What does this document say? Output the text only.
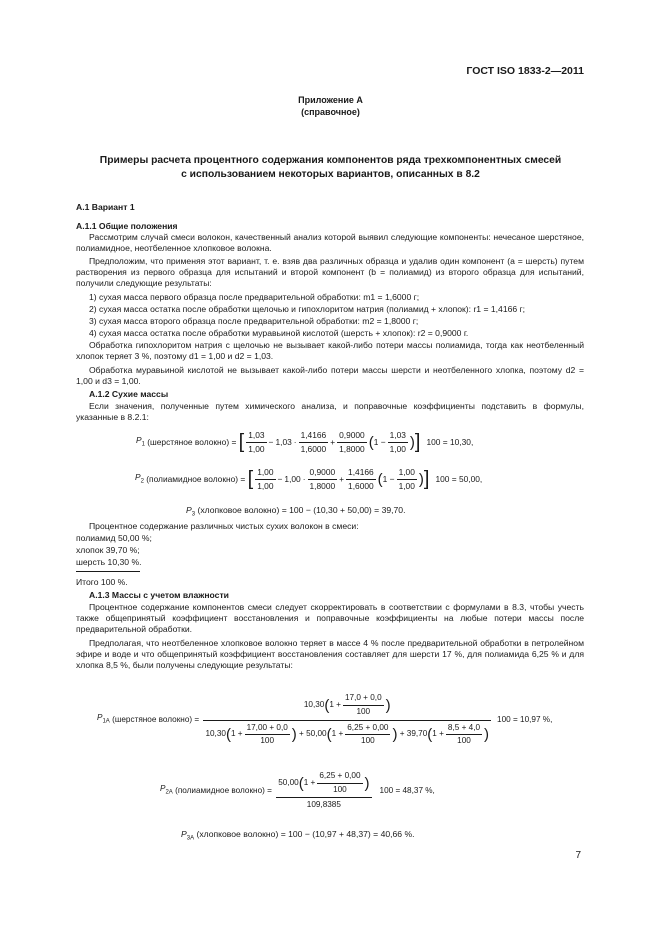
ГОСТ ISO 1833-2—2011
Приложение А
(справочное)
Примеры расчета процентного содержания компонентов ряда трехкомпонентных смесей
с использованием некоторых вариантов, описанных в 8.2
А.1 Вариант 1
А.1.1 Общие положения
Рассмотрим случай смеси волокон, качественный анализ которой выявил следующие компоненты: нечесаное шерстяное, полиамидное, неотбеленное хлопковое волокна.
Предположим, что применяя этот вариант, т. е. взяв два различных образца и удалив один компонент (a = шерсть) путем растворения из первого образца для испытаний и второй компонент (b = полиамид) из второго образца для испытаний, получили следующие результаты:
1) сухая масса первого образца после предварительной обработки: m1 = 1,6000 г;
2) сухая масса остатка после обработки щелочью и гипохлоритом натрия (полиамид + хлопок): r1 = 1,4166 г;
3) сухая масса второго образца после предварительной обработки: m2 = 1,8000 г;
4) сухая масса остатка после обработки муравьиной кислотой (шерсть + хлопок): r2 = 0,9000 г.
Обработка гипохлоритом натрия с щелочью не вызывает какой-либо потери массы полиамида, тогда как неотбеленный хлопок теряет 3 %, поэтому d1 = 1,00 и d2 = 1,03.
Обработка муравьиной кислотой не вызывает какой-либо потери массы шерсти и неотбеленного хлопка, поэтому d2 = 1,00 и d3 = 1,00.
А.1.2 Сухие массы
Если значения, полученные путем химического анализа, и поправочные коэффициенты подставить в формулы, указанные в 8.2.1:
$P_1$ (шерстяное волокно) = [ $\frac{1,03}{1,00} - 1,03 \cdot \frac{1,4166}{1,6000} + \frac{0,9000}{1,8000}$ ( $1 - \frac{1,03}{1,00}$ ) ] 100 = 10,30,
$P_2$ (полиамидное волокно) = [ $\frac{1,00}{1,00} - 1,00 \cdot \frac{0,9000}{1,8000} + \frac{1,4166}{1,6000}$ ( $1 - \frac{1,00}{1,00}$ ) ] 100 = 50,00,
$P_3$ (хлопковое волокно) = 100 − (10,30 + 50,00) = 39,70.
Процентное содержание различных чистых сухих волокон в смеси:
полиамид 50,00 %;
хлопок 39,70 %;
шерсть 10,30 %.
Итого 100 %.
А.1.3 Массы с учетом влажности
Процентное содержание компонентов смеси следует скорректировать в соответствии с формулами в 8.3, чтобы учесть также общепринятый коэффициент восстановления и поправочные коэффициенты на любые потери массы после предварительной обработки.
Предполагая, что неотбеленное хлопковое волокно теряет в массе 4 % после предварительной обработки в петролейном эфире и воде и что общепринятый коэффициент восстановления составляет для шерсти 17 %, для полиамида 6,25 % и для хлопка 8,5 %, были получены следующие результаты:
$P_{1A}$ (шерстяное волокно) =
10,30 ( $1 + \frac{17,0 + 0,0}{100}$ )
10,30 ( $1 + \frac{17,00 + 0,0}{100}$ ) + 50,00 ( $1 + \frac{6,25 + 0,00}{100}$ ) + 39,70 ( $1 + \frac{8,5 + 4,0}{100}$ )
100 = 10,97 %,
$P_{2A}$ (полиамидное волокно) = $\frac{50,00 ( 1 + \frac{6,25 + 0,00}{100} )}{109,8385} 100 = 48,37$ %,
$P_{3A}$ (хлопковое волокно) = 100 − (10,97 + 48,37) = 40,66 %.
7
